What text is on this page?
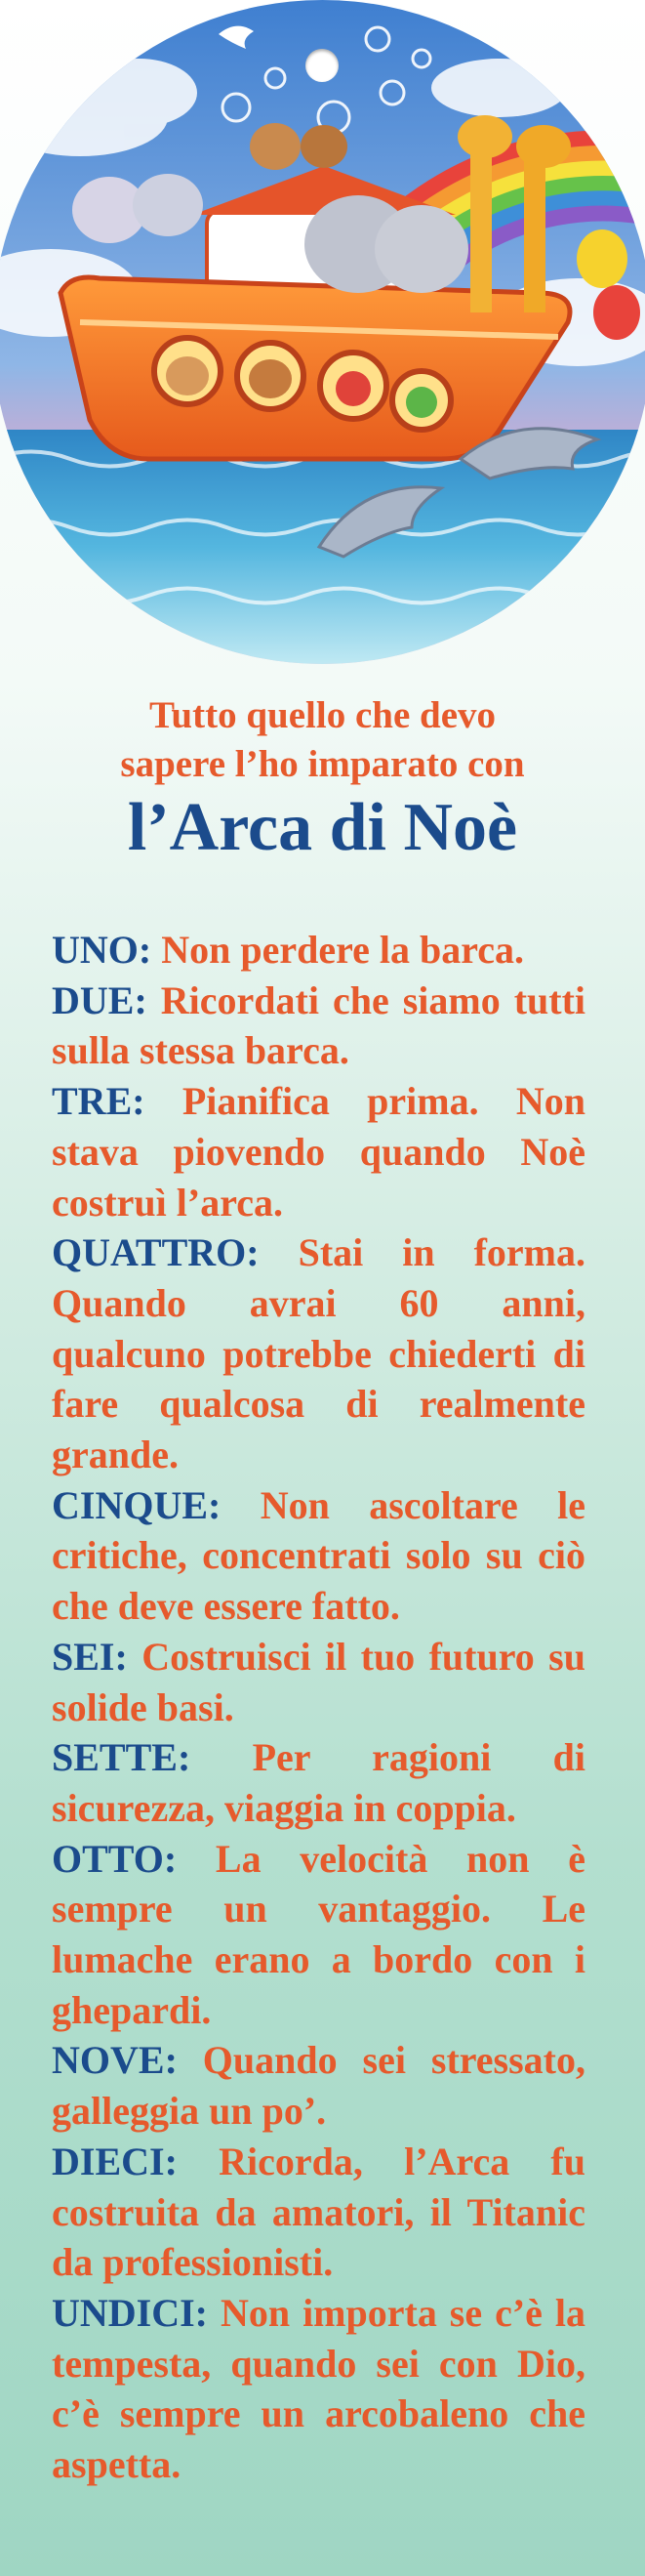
Tutto quello che devo
sapere l’ho imparato con
l’Arca di Noè

UNO: Non perdere la barca.

DUE: Ricordati che siamo tutti sulla stessa barca.

TRE: Pianifica prima. Non stava piovendo quando Noè costruì l’arca.

QUATTRO: Stai in forma. Quando avrai 60 anni, qualcuno potrebbe chiederti di fare qualcosa di realmente grande.

CINQUE: Non ascoltare le critiche, concentrati solo su ciò che deve essere fatto.

SEI: Costruisci il tuo futuro su solide basi.

SETTE: Per ragioni di sicurezza, viaggia in coppia.

OTTO: La velocità non è sempre un vantaggio. Le lumache erano a bordo con i ghepardi.

NOVE: Quando sei stressato, galleggia un po’.

DIECI: Ricorda, l’Arca fu costruita da amatori, il Titanic da professionisti.

UNDICI: Non importa se c’è la tempesta, quando sei con Dio, c’è sempre un arcobaleno che aspetta.
